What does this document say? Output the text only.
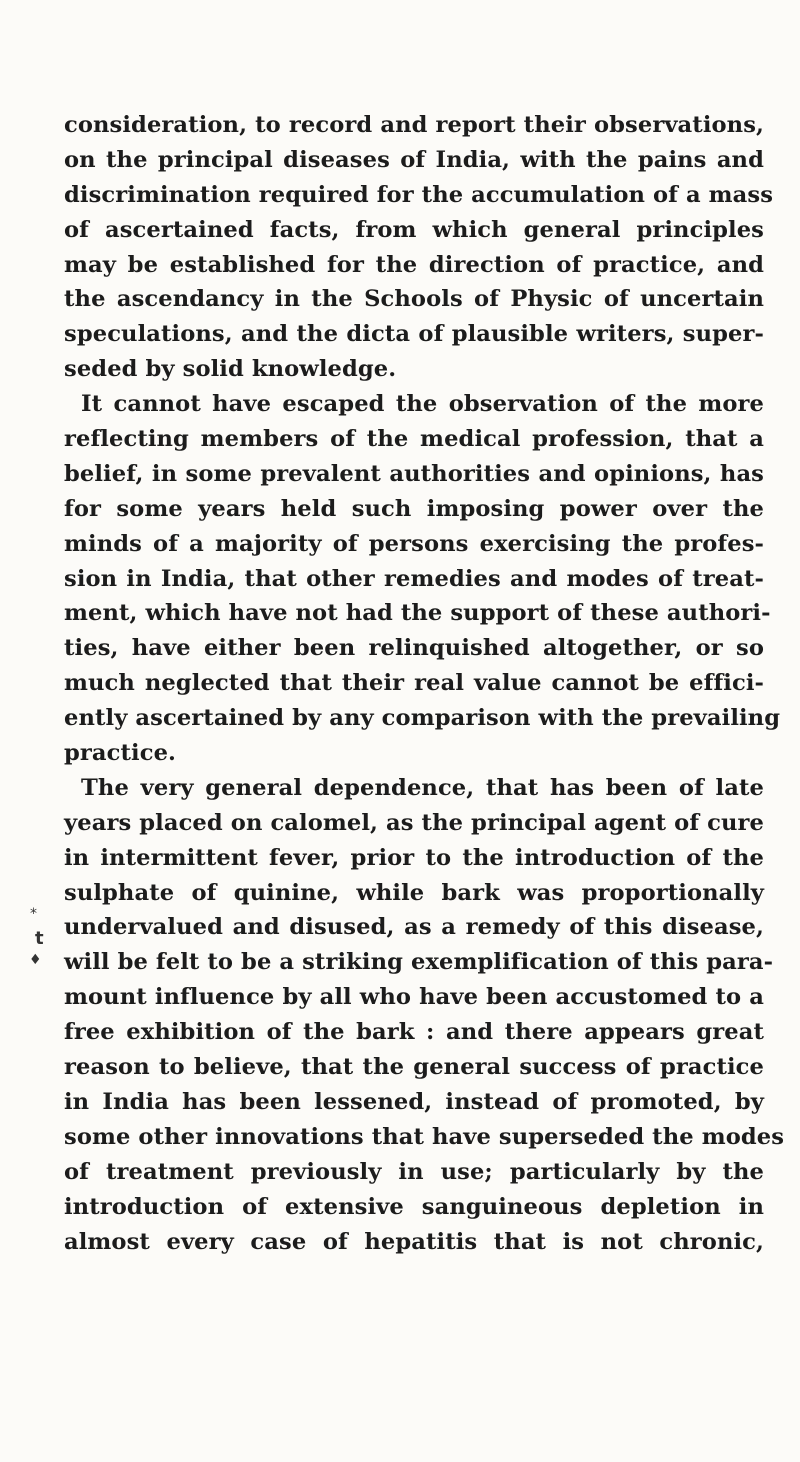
consideration, to record and report their observations,
on the principal diseases of India, with the pains and
discrimination required for the accumulation of a mass
of ascertained facts, from which general principles
may be established for the direction of practice, and
the ascendancy in the Schools of Physic of uncertain
speculations, and the dicta of plausible writers, super-
seded by solid knowledge.
It cannot have escaped the observation of the more
reflecting members of the medical profession, that a
belief, in some prevalent authorities and opinions, has
for some years held such imposing power over the
minds of a majority of persons exercising the profes-
sion in India, that other remedies and modes of treat-
ment, which have not had the support of these authori-
ties, have either been relinquished altogether, or so
much neglected that their real value cannot be effici-
ently ascertained by any comparison with the prevailing
practice.
The very general dependence, that has been of late
years placed on calomel, as the principal agent of cure
in intermittent fever, prior to the introduction of the
sulphate of quinine, while bark was proportionally
undervalued and disused, as a remedy of this disease,
will be felt to be a striking exemplification of this para-
mount influence by all who have been accustomed to a
free exhibition of the bark : and there appears great
reason to believe, that the general success of practice
in India has been lessened, instead of promoted, by
some other innovations that have superseded the modes
of treatment previously in use; particularly by the
introduction of extensive sanguineous depletion in
almost every case of hepatitis that is not chronic,
*
t
♦
